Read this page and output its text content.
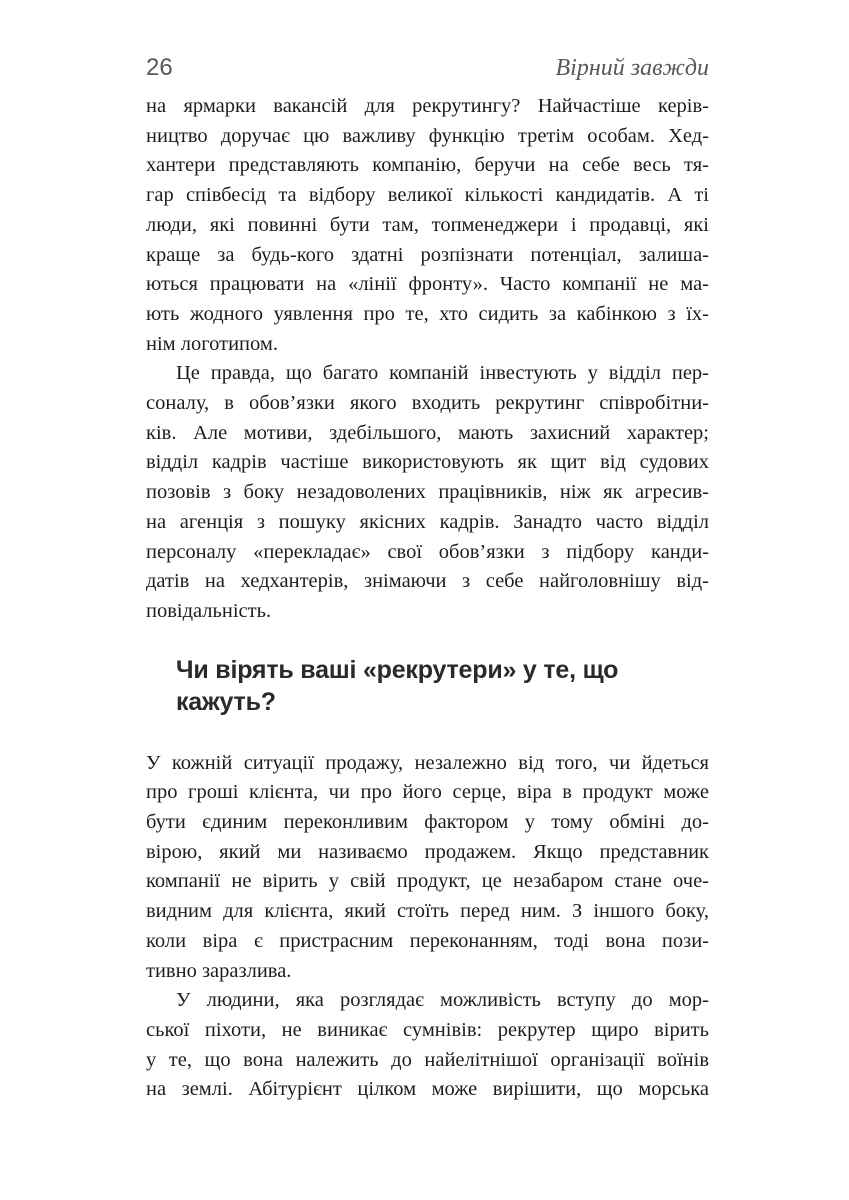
26	Вірний завжди
на ярмарки вакансій для рекрутингу? Найчастіше керів-
ництво доручає цю важливу функцію третім особам. Хед-
хантери представляють компанію, беручи на себе весь тя-
гар співбесід та відбору великої кількості кандидатів. А ті
люди, які повинні бути там, топменеджери і продавці, які
краще за будь-кого здатні розпізнати потенціал, залиша-
ються працювати на «лінії фронту». Часто компанії не ма-
ють жодного уявлення про те, хто сидить за кабінкою з їх-
нім логотипом.
Це правда, що багато компаній інвестують у відділ пер-
соналу, в обов’язки якого входить рекрутинг співробітни-
ків. Але мотиви, здебільшого, мають захисний характер;
відділ кадрів частіше використовують як щит від судових
позовів з боку незадоволених працівників, ніж як агресив-
на агенція з пошуку якісних кадрів. Занадто часто відділ
персоналу «перекладає» свої обов’язки з підбору канди-
датів на хедхантерів, знімаючи з себе найголовнішу від-
повідальність.
Чи вірять ваші «рекрутери» у те, що кажуть?
У кожній ситуації продажу, незалежно від того, чи йдеться
про гроші клієнта, чи про його серце, віра в продукт може
бути єдиним переконливим фактором у тому обміні до-
вірою, який ми називаємо продажем. Якщо представник
компанії не вірить у свій продукт, це незабаром стане оче-
видним для клієнта, який стоїть перед ним. З іншого боку,
коли віра є пристрасним переконанням, тоді вона пози-
тивно заразлива.
У людини, яка розглядає можливість вступу до мор-
ської піхоти, не виникає сумнівів: рекрутер щиро вірить
у те, що вона належить до найелітнішої організації воїнів
на землі. Абітурієнт цілком може вирішити, що морська
